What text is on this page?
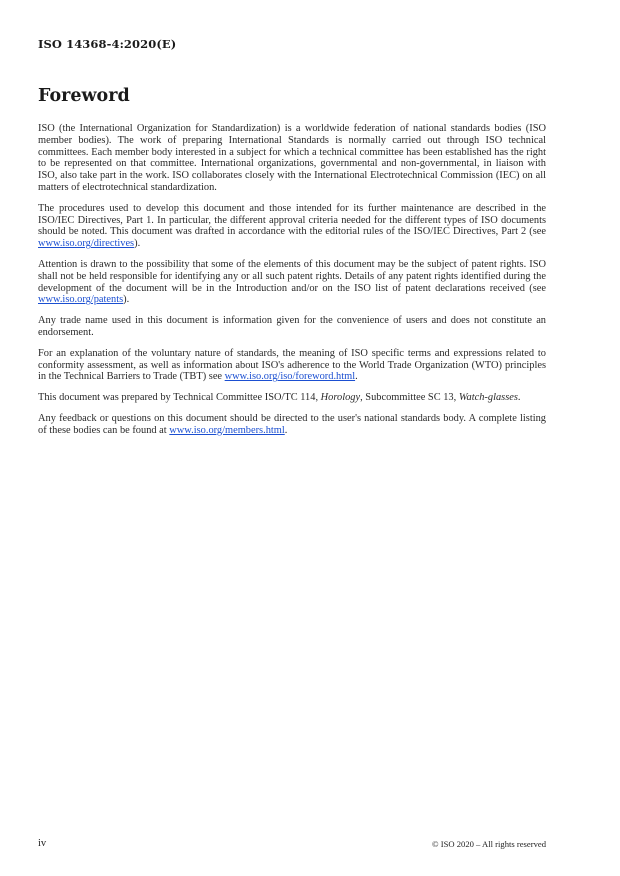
ISO 14368-4:2020(E)
Foreword

ISO (the International Organization for Standardization) is a worldwide federation of national standards bodies (ISO member bodies). The work of preparing International Standards is normally carried out through ISO technical committees. Each member body interested in a subject for which a technical committee has been established has the right to be represented on that committee. International organizations, governmental and non-governmental, in liaison with ISO, also take part in the work. ISO collaborates closely with the International Electrotechnical Commission (IEC) on all matters of electrotechnical standardization.

The procedures used to develop this document and those intended for its further maintenance are described in the ISO/IEC Directives, Part 1. In particular, the different approval criteria needed for the different types of ISO documents should be noted. This document was drafted in accordance with the editorial rules of the ISO/IEC Directives, Part 2 (see www.iso.org/directives).

Attention is drawn to the possibility that some of the elements of this document may be the subject of patent rights. ISO shall not be held responsible for identifying any or all such patent rights. Details of any patent rights identified during the development of the document will be in the Introduction and/or on the ISO list of patent declarations received (see www.iso.org/patents).

Any trade name used in this document is information given for the convenience of users and does not constitute an endorsement.

For an explanation of the voluntary nature of standards, the meaning of ISO specific terms and expressions related to conformity assessment, as well as information about ISO's adherence to the World Trade Organization (WTO) principles in the Technical Barriers to Trade (TBT) see www.iso.org/iso/foreword.html.

This document was prepared by Technical Committee ISO/TC 114, Horology, Subcommittee SC 13, Watch-glasses.

Any feedback or questions on this document should be directed to the user's national standards body. A complete listing of these bodies can be found at www.iso.org/members.html.

iv	© ISO 2020 – All rights reserved
